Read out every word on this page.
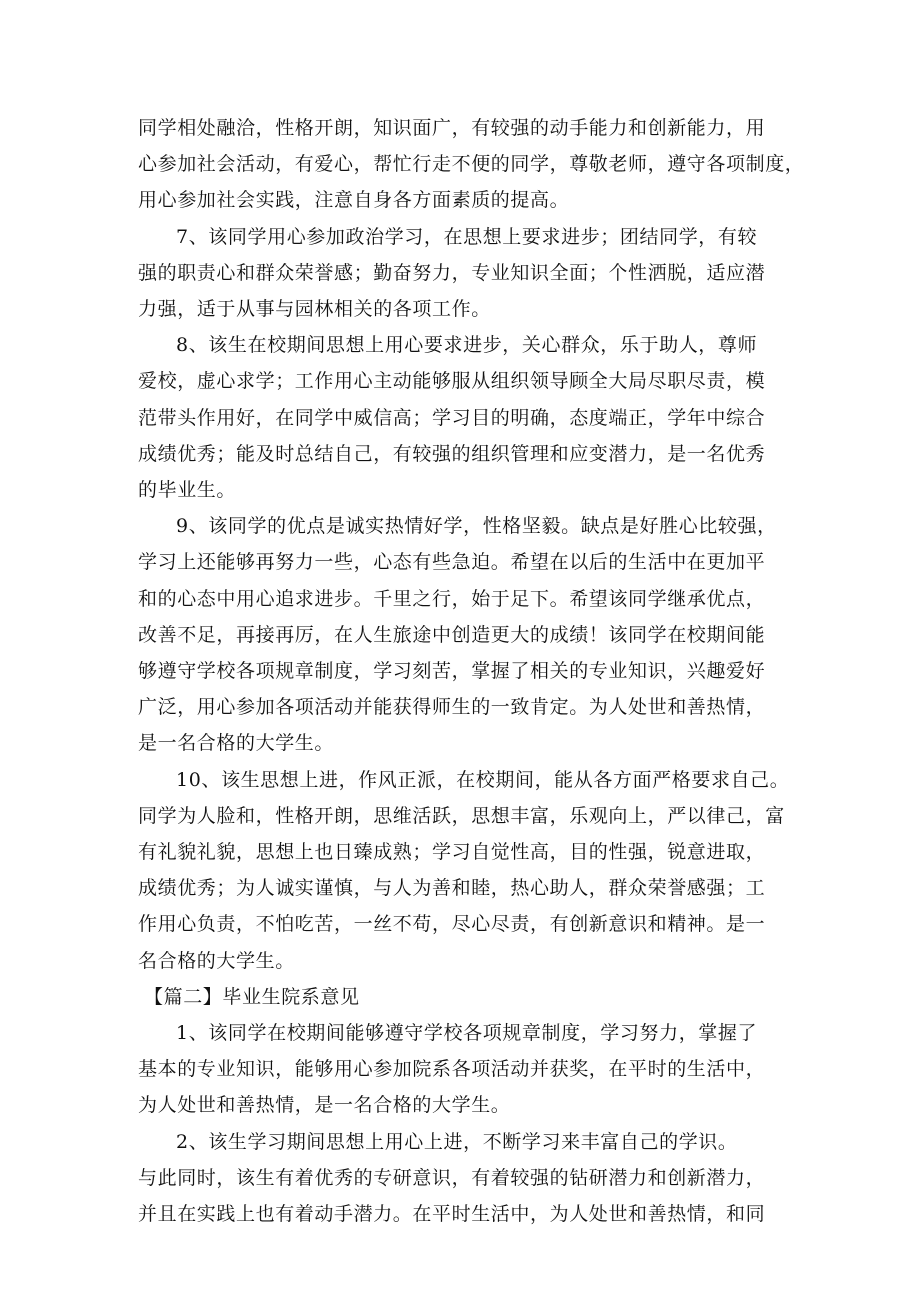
同学相处融洽，性格开朗，知识面广，有较强的动手能力和创新能力，用
心参加社会活动，有爱心，帮忙行走不便的同学，尊敬老师，遵守各项制度，
用心参加社会实践，注意自身各方面素质的提高。
7、该同学用心参加政治学习，在思想上要求进步；团结同学，有较
强的职责心和群众荣誉感；勤奋努力，专业知识全面；个性洒脱，适应潜
力强，适于从事与园林相关的各项工作。
8、该生在校期间思想上用心要求进步，关心群众，乐于助人，尊师
爱校，虚心求学；工作用心主动能够服从组织领导顾全大局尽职尽责，模
范带头作用好，在同学中威信高；学习目的明确，态度端正，学年中综合
成绩优秀；能及时总结自己，有较强的组织管理和应变潜力，是一名优秀
的毕业生。
9、该同学的优点是诚实热情好学，性格坚毅。缺点是好胜心比较强，
学习上还能够再努力一些，心态有些急迫。希望在以后的生活中在更加平
和的心态中用心追求进步。千里之行，始于足下。希望该同学继承优点，
改善不足，再接再厉，在人生旅途中创造更大的成绩！该同学在校期间能
够遵守学校各项规章制度，学习刻苦，掌握了相关的专业知识，兴趣爱好
广泛，用心参加各项活动并能获得师生的一致肯定。为人处世和善热情，
是一名合格的大学生。
10、该生思想上进，作风正派，在校期间，能从各方面严格要求自己。
同学为人脸和，性格开朗，思维活跃，思想丰富，乐观向上，严以律己，富
有礼貌礼貌，思想上也日臻成熟；学习自觉性高，目的性强，锐意进取，
成绩优秀；为人诚实谨慎，与人为善和睦，热心助人，群众荣誉感强；工
作用心负责，不怕吃苦，一丝不苟，尽心尽责，有创新意识和精神。是一
名合格的大学生。
【篇二】毕业生院系意见
1、该同学在校期间能够遵守学校各项规章制度，学习努力，掌握了
基本的专业知识，能够用心参加院系各项活动并获奖，在平时的生活中，
为人处世和善热情，是一名合格的大学生。
2、该生学习期间思想上用心上进，不断学习来丰富自己的学识。
与此同时，该生有着优秀的专研意识，有着较强的钻研潜力和创新潜力，
并且在实践上也有着动手潜力。在平时生活中，为人处世和善热情，和同
